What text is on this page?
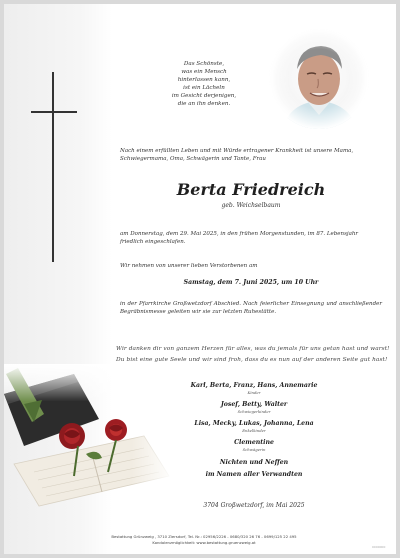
Das Schönste,
was ein Mensch
hinterlassen kann,
ist ein Lächeln
im Gesicht derjenigen,
die an ihn denken.
Nach einem erfüllten Leben und mit Würde ertragener Krankheit ist unsere Mama, Schwiegermama, Oma, Schwägerin und Tante, Frau
Berta Friedreich
geb. Weichselbaum
am Donnerstag, dem 29. Mai 2025, in den frühen Morgenstunden, im 87. Lebensjahr friedlich eingeschlafen.
Wir nehmen von unserer lieben Verstorbenen am
Samstag, dem 7. Juni 2025, um 10 Uhr
in der Pfarrkirche Großwetzdorf Abschied. Nach feierlicher Einsegnung und anschließender Begräbnismesse geleiten wir sie zur letzten Ruhestätte.
Wir danken dir von ganzem Herzen für alles, was du jemals für uns getan hast und warst!
Du bist eine gute Seele und wir sind froh, dass du es nun auf der anderen Seite gut hast!
Karl, Berta, Franz, Hans, Annemarie
Kinder
Josef, Betty, Walter
Schwiegerkinder
Lisa, Mecky, Lukas, Johanna, Lena
Enkelkinder
Clementine
Schwägerin
Nichten und Neffen
im Namen aller Verwandten
3704 Großwetzdorf, im Mai 2025
Bestattung Grünzweig , 3710 Ziersdorf, Tel. Nr.: 02956/2226 - 0680/320 26 76 - 0699/125 22 495
Kondolenzmöglichkeit: www.bestattung.gruenzweig.at
0000000
